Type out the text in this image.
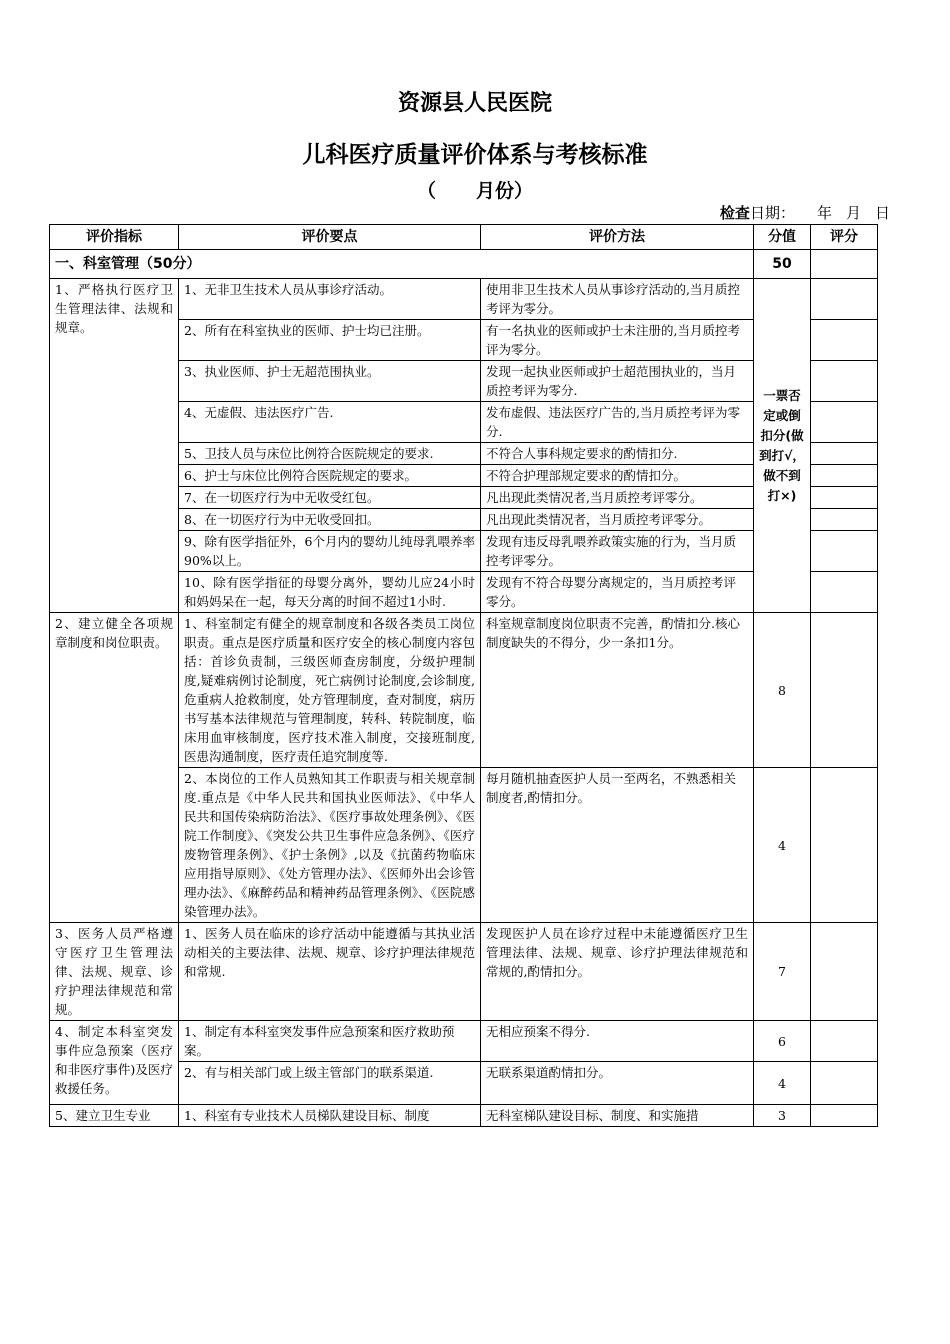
资源县人民医院
儿科医疗质量评价体系与考核标准
（ 月份）
检查日期： 年 月 日
评价指标	评价要点	评价方法	分值	评分
一、科室管理（50分）			50	
1、严格执行医疗卫生管理法律、法规和规章。	1、无非卫生技术人员从事诊疗活动。	使用非卫生技术人员从事诊疗活动的,当月质控考评为零分。	一票否定或倒扣分(做到打√，做不到打×)	
	2、所有在科室执业的医师、护士均已注册。	有一名执业的医师或护士未注册的,当月质控考评为零分。		
	3、执业医师、护士无超范围执业。	发现一起执业医师或护士超范围执业的，当月质控考评为零分.		
	4、无虚假、违法医疗广告.	发布虚假、违法医疗广告的,当月质控考评为零分.		
	5、卫技人员与床位比例符合医院规定的要求.	不符合人事科规定要求的酌情扣分.		
	6、护士与床位比例符合医院规定的要求。	不符合护理部规定要求的酌情扣分。		
	7、在一切医疗行为中无收受红包。	凡出现此类情况者,当月质控考评零分。		
	8、在一切医疗行为中无收受回扣。	凡出现此类情况者，当月质控考评零分。		
	9、除有医学指征外，6个月内的婴幼儿纯母乳喂养率90%以上。	发现有违反母乳喂养政策实施的行为，当月质控考评零分。		
	10、除有医学指征的母婴分离外，婴幼儿应24小时和妈妈呆在一起，每天分离的时间不超过1小时.	发现有不符合母婴分离规定的，当月质控考评零分。		
2、建立健全各项规章制度和岗位职责。	1、科室制定有健全的规章制度和各级各类员工岗位职责。重点是医疗质量和医疗安全的核心制度内容包括：首诊负责制，三级医师查房制度，分级护理制度,疑难病例讨论制度，死亡病例讨论制度,会诊制度,危重病人抢救制度，处方管理制度，查对制度，病历书写基本法律规范与管理制度，转科、转院制度，临床用血审核制度，医疗技术准入制度，交接班制度,医患沟通制度，医疗责任追究制度等.	科室规章制度岗位职责不完善，酌情扣分.核心制度缺失的不得分，少一条扣1分。	8	
	2、本岗位的工作人员熟知其工作职责与相关规章制度.重点是《中华人民共和国执业医师法》、《中华人民共和国传染病防治法》、《医疗事故处理条例》、《医院工作制度》、《突发公共卫生事件应急条例》、《医疗废物管理条例》、《护士条例》,以及《抗菌药物临床应用指导原则》、《处方管理办法》、《医师外出会诊管理办法》、《麻醉药品和精神药品管理条例》、《医院感染管理办法》。	每月随机抽查医护人员一至两名，不熟悉相关制度者,酌情扣分。	4	
3、医务人员严格遵守医疗卫生管理法律、法规、规章、诊疗护理法律规范和常规。	1、医务人员在临床的诊疗活动中能遵循与其执业活动相关的主要法律、法规、规章、诊疗护理法律规范和常规.	发现医护人员在诊疗过程中未能遵循医疗卫生管理法律、法规、规章、诊疗护理法律规范和常规的,酌情扣分。	7	
4、制定本科室突发事件应急预案（医疗和非医疗事件)及医疗救援任务。	1、制定有本科室突发事件应急预案和医疗救助预案。	无相应预案不得分.	6	
	2、有与相关部门或上级主管部门的联系渠道.	无联系渠道酌情扣分。	4	
5、建立卫生专业	1、科室有专业技术人员梯队建设目标、制度	无科室梯队建设目标、制度、和实施措	3	
